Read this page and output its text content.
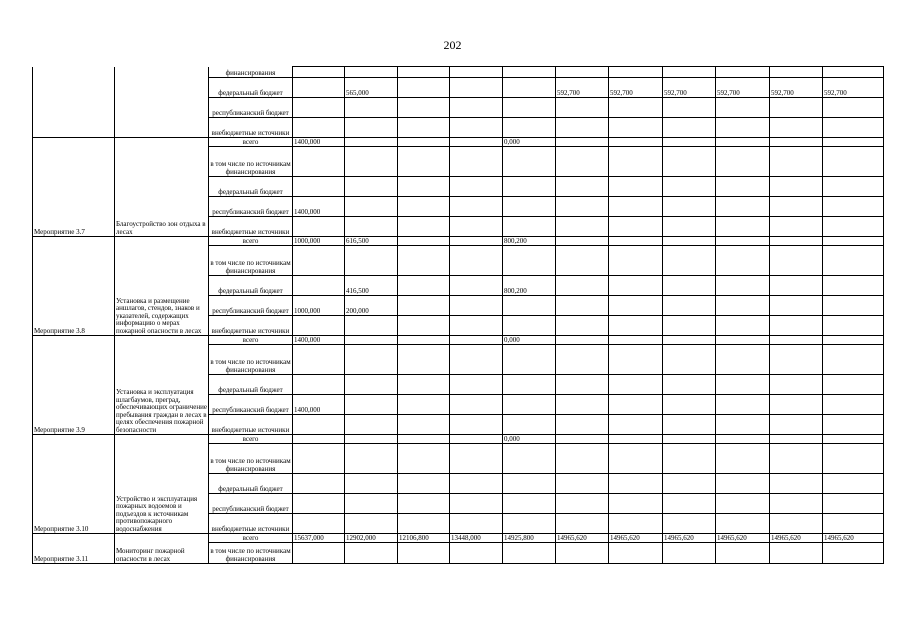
202
		финансирования											
		федеральный бюджет		565,000				592,700	592,700	592,700	592,700	592,700	592,700
		республиканский бюджет											
		внебюджетные источники											
Мероприятие 3.7	Благоустройство зон отдыха в лесах	всего	1400,000				0,000						
		в том числе по источникам финансирования											
		федеральный бюджет											
		республиканский бюджет	1400,000										
		внебюджетные источники											
Мероприятие 3.8	Установка и размещение аншлагов, стендов, знаков и указателей, содержащих информацию о мерах пожарной опасности в лесах	всего	1000,000	616,500			800,200						
		в том числе по источникам финансирования											
		федеральный бюджет		416,500			800,200						
		республиканский бюджет	1000,000	200,000									
		внебюджетные источники											
Мероприятие 3.9	Установка и эксплуатация шлагбаумов, преград, обеспечивающих ограничение пребывания граждан в лесах в целях обеспечения пожарной безопасности	всего	1400,000				0,000						
		в том числе по источникам финансирования											
		федеральный бюджет											
		республиканский бюджет	1400,000										
		внебюджетные источники											
Мероприятие 3.10	Устройство и эксплуатация пожарных водоемов и подъездов к источникам противопожарного водоснабжения	всего					0,000						
		в том числе по источникам финансирования											
		федеральный бюджет											
		республиканский бюджет											
		внебюджетные источники											
Мероприятие 3.11	Мониторинг пожарной опасности в лесах	всего	15637,000	12902,000	12106,800	13448,000	14925,800	14965,620	14965,620	14965,620	14965,620	14965,620	14965,620
		в том числе по источникам финансирования											
